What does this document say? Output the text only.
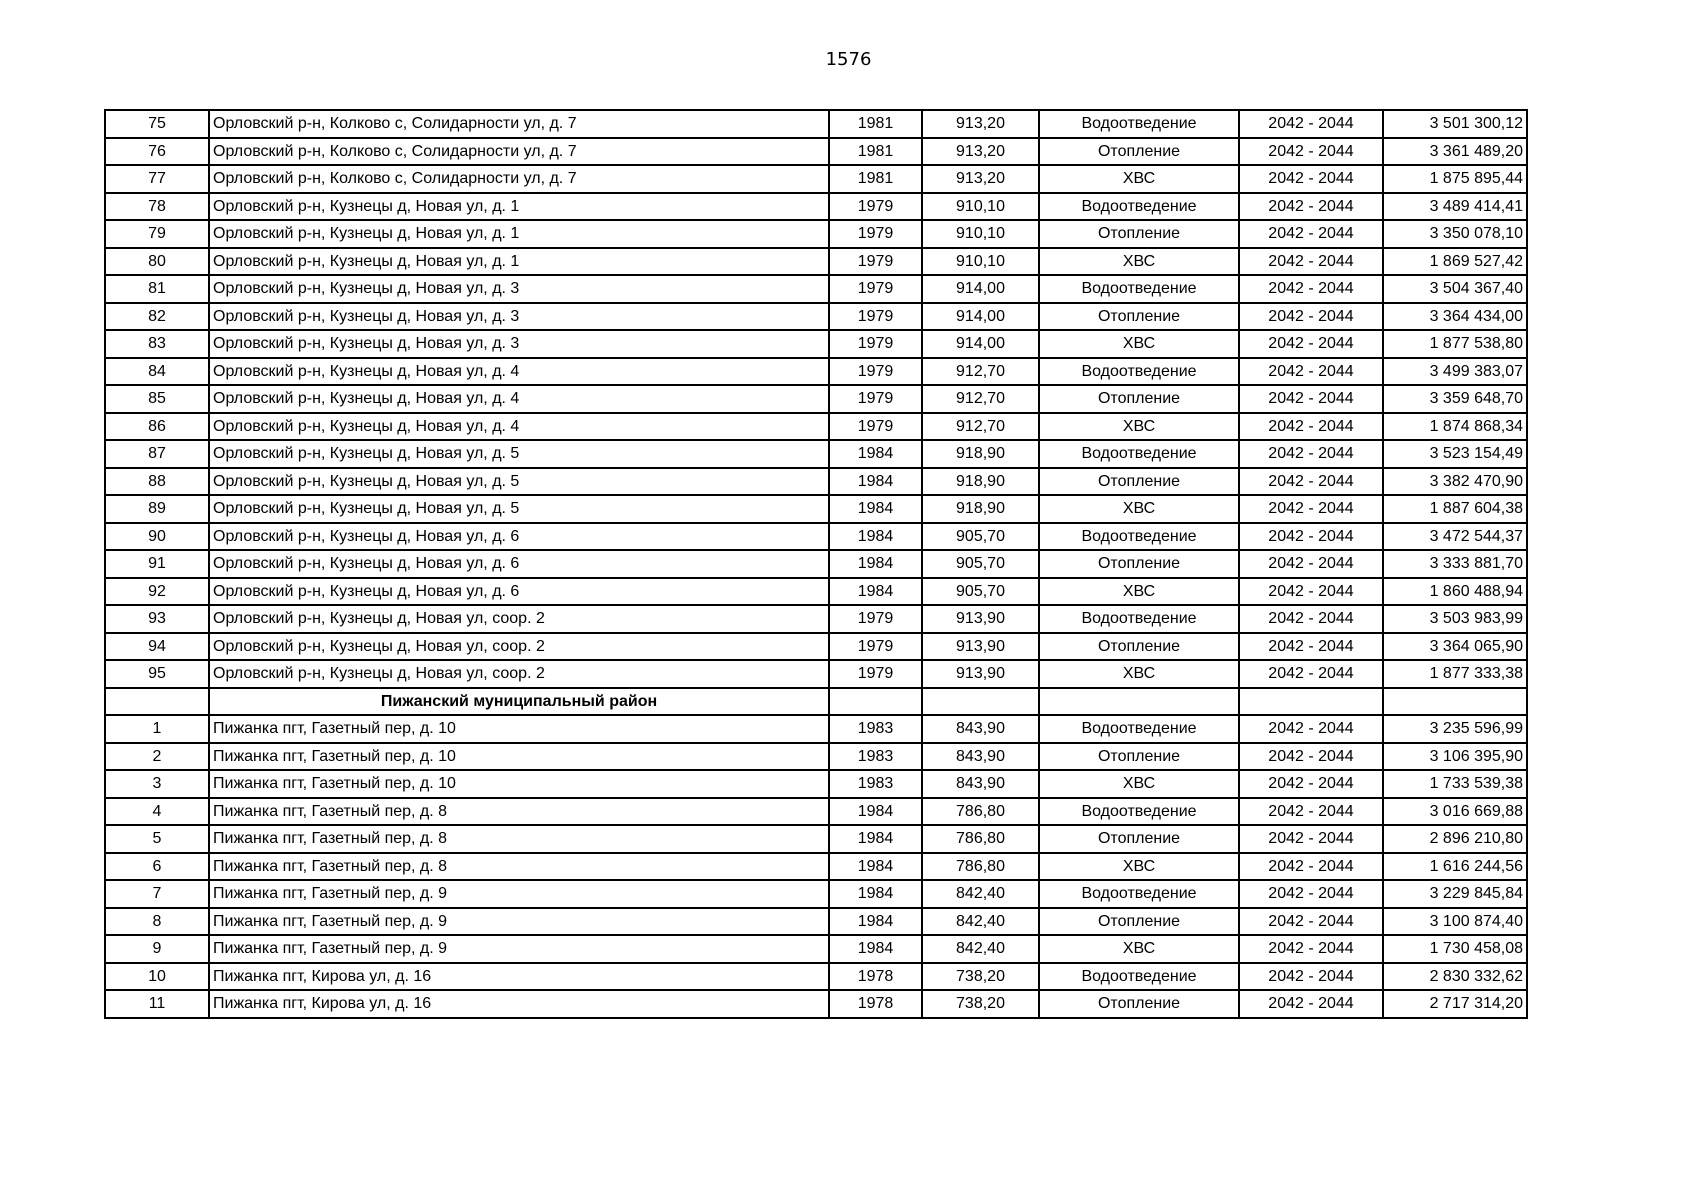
1576
75	Орловский р-н, Колково с, Солидарности ул, д. 7	1981	913,20	Водоотведение	2042 - 2044	3 501 300,12
76	Орловский р-н, Колково с, Солидарности ул, д. 7	1981	913,20	Отопление	2042 - 2044	3 361 489,20
77	Орловский р-н, Колково с, Солидарности ул, д. 7	1981	913,20	ХВС	2042 - 2044	1 875 895,44
78	Орловский р-н, Кузнецы д, Новая ул, д. 1	1979	910,10	Водоотведение	2042 - 2044	3 489 414,41
79	Орловский р-н, Кузнецы д, Новая ул, д. 1	1979	910,10	Отопление	2042 - 2044	3 350 078,10
80	Орловский р-н, Кузнецы д, Новая ул, д. 1	1979	910,10	ХВС	2042 - 2044	1 869 527,42
81	Орловский р-н, Кузнецы д, Новая ул, д. 3	1979	914,00	Водоотведение	2042 - 2044	3 504 367,40
82	Орловский р-н, Кузнецы д, Новая ул, д. 3	1979	914,00	Отопление	2042 - 2044	3 364 434,00
83	Орловский р-н, Кузнецы д, Новая ул, д. 3	1979	914,00	ХВС	2042 - 2044	1 877 538,80
84	Орловский р-н, Кузнецы д, Новая ул, д. 4	1979	912,70	Водоотведение	2042 - 2044	3 499 383,07
85	Орловский р-н, Кузнецы д, Новая ул, д. 4	1979	912,70	Отопление	2042 - 2044	3 359 648,70
86	Орловский р-н, Кузнецы д, Новая ул, д. 4	1979	912,70	ХВС	2042 - 2044	1 874 868,34
87	Орловский р-н, Кузнецы д, Новая ул, д. 5	1984	918,90	Водоотведение	2042 - 2044	3 523 154,49
88	Орловский р-н, Кузнецы д, Новая ул, д. 5	1984	918,90	Отопление	2042 - 2044	3 382 470,90
89	Орловский р-н, Кузнецы д, Новая ул, д. 5	1984	918,90	ХВС	2042 - 2044	1 887 604,38
90	Орловский р-н, Кузнецы д, Новая ул, д. 6	1984	905,70	Водоотведение	2042 - 2044	3 472 544,37
91	Орловский р-н, Кузнецы д, Новая ул, д. 6	1984	905,70	Отопление	2042 - 2044	3 333 881,70
92	Орловский р-н, Кузнецы д, Новая ул, д. 6	1984	905,70	ХВС	2042 - 2044	1 860 488,94
93	Орловский р-н, Кузнецы д, Новая ул, соор. 2	1979	913,90	Водоотведение	2042 - 2044	3 503 983,99
94	Орловский р-н, Кузнецы д, Новая ул, соор. 2	1979	913,90	Отопление	2042 - 2044	3 364 065,90
95	Орловский р-н, Кузнецы д, Новая ул, соор. 2	1979	913,90	ХВС	2042 - 2044	1 877 333,38
	Пижанский муниципальный район					
1	Пижанка пгт, Газетный пер, д. 10	1983	843,90	Водоотведение	2042 - 2044	3 235 596,99
2	Пижанка пгт, Газетный пер, д. 10	1983	843,90	Отопление	2042 - 2044	3 106 395,90
3	Пижанка пгт, Газетный пер, д. 10	1983	843,90	ХВС	2042 - 2044	1 733 539,38
4	Пижанка пгт, Газетный пер, д. 8	1984	786,80	Водоотведение	2042 - 2044	3 016 669,88
5	Пижанка пгт, Газетный пер, д. 8	1984	786,80	Отопление	2042 - 2044	2 896 210,80
6	Пижанка пгт, Газетный пер, д. 8	1984	786,80	ХВС	2042 - 2044	1 616 244,56
7	Пижанка пгт, Газетный пер, д. 9	1984	842,40	Водоотведение	2042 - 2044	3 229 845,84
8	Пижанка пгт, Газетный пер, д. 9	1984	842,40	Отопление	2042 - 2044	3 100 874,40
9	Пижанка пгт, Газетный пер, д. 9	1984	842,40	ХВС	2042 - 2044	1 730 458,08
10	Пижанка пгт, Кирова ул, д. 16	1978	738,20	Водоотведение	2042 - 2044	2 830 332,62
11	Пижанка пгт, Кирова ул, д. 16	1978	738,20	Отопление	2042 - 2044	2 717 314,20
